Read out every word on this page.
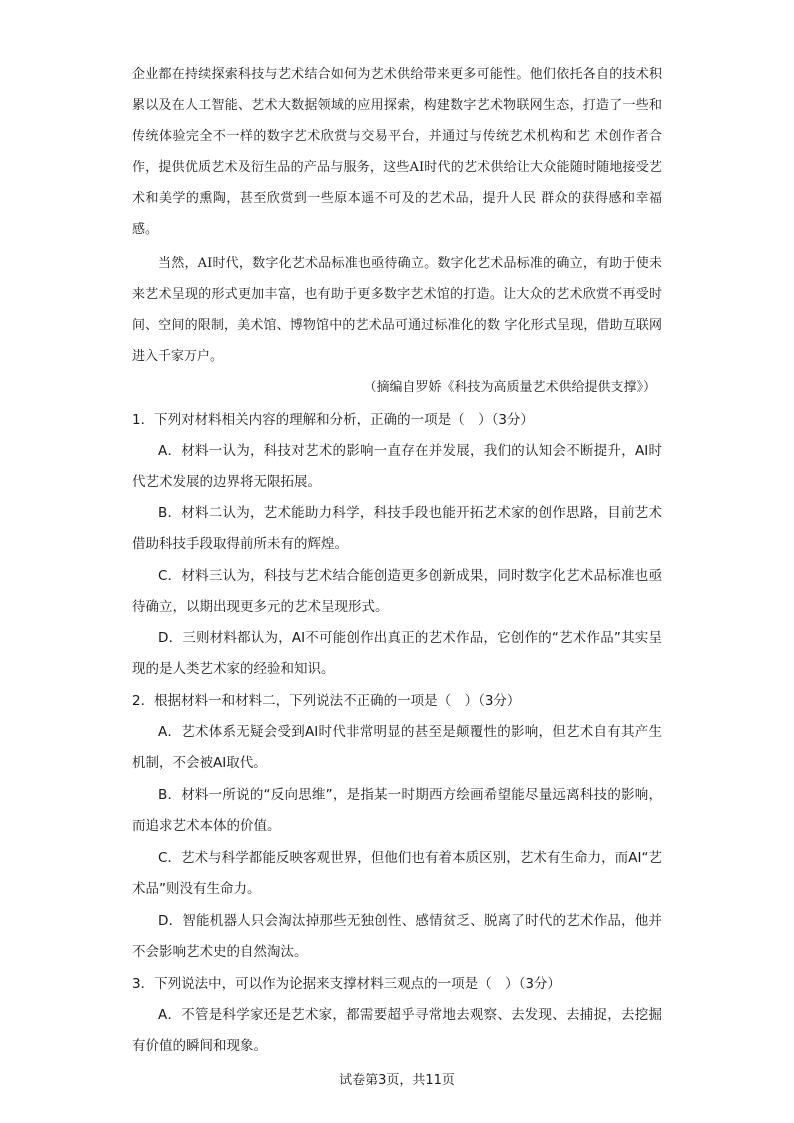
企业都在持续探索科技与艺术结合如何为艺术供给带来更多可能性。他们依托各自的技术积累以及在人工智能、艺术大数据领域的应用探索，构建数字艺术物联网生态，打造了一些和传统体验完全不一样的数字艺术欣赏与交易平台，并通过与传统艺术机构和艺 术创作者合作，提供优质艺术及衍生品的产品与服务，这些AI时代的艺术供给让大众能随时随地接受艺术和美学的熏陶，甚至欣赏到一些原本遥不可及的艺术品，提升人民 群众的获得感和幸福感。

当然，AI时代，数字化艺术品标准也亟待确立。数字化艺术品标准的确立，有助于使未来艺术呈现的形式更加丰富，也有助于更多数字艺术馆的打造。让大众的艺术欣赏不再受时间、空间的限制，美术馆、博物馆中的艺术品可通过标准化的数 字化形式呈现，借助互联网进入千家万户。

（摘编自罗娇《科技为高质量艺术供给提供支撑》）

1．下列对材料相关内容的理解和分析，正确的一项是（　）（3分）

A．材料一认为，科技对艺术的影响一直存在并发展，我们的认知会不断提升，AI时代艺术发展的边界将无限拓展。

B．材料二认为，艺术能助力科学，科技手段也能开拓艺术家的创作思路，目前艺术借助科技手段取得前所未有的辉煌。

C．材料三认为，科技与艺术结合能创造更多创新成果，同时数字化艺术品标准也亟待确立，以期出现更多元的艺术呈现形式。

D．三则材料都认为，AI不可能创作出真正的艺术作品，它创作的“艺术作品”其实呈现的是人类艺术家的经验和知识。

2．根据材料一和材料二，下列说法不正确的一项是（　）（3分）

A．艺术体系无疑会受到AI时代非常明显的甚至是颠覆性的影响，但艺术自有其产生机制，不会被AI取代。

B．材料一所说的“反向思维”，是指某一时期西方绘画希望能尽量远离科技的影响，而追求艺术本体的价值。

C．艺术与科学都能反映客观世界，但他们也有着本质区别，艺术有生命力，而AI“艺术品”则没有生命力。

D．智能机器人只会淘汰掉那些无独创性、感情贫乏、脱离了时代的艺术作品，他并不会影响艺术史的自然淘汰。

3．下列说法中，可以作为论据来支撑材料三观点的一项是（　）（3分）

A．不管是科学家还是艺术家，都需要超乎寻常地去观察、去发现、去捕捉，去挖掘有价值的瞬间和现象。

试卷第3页，共11页
